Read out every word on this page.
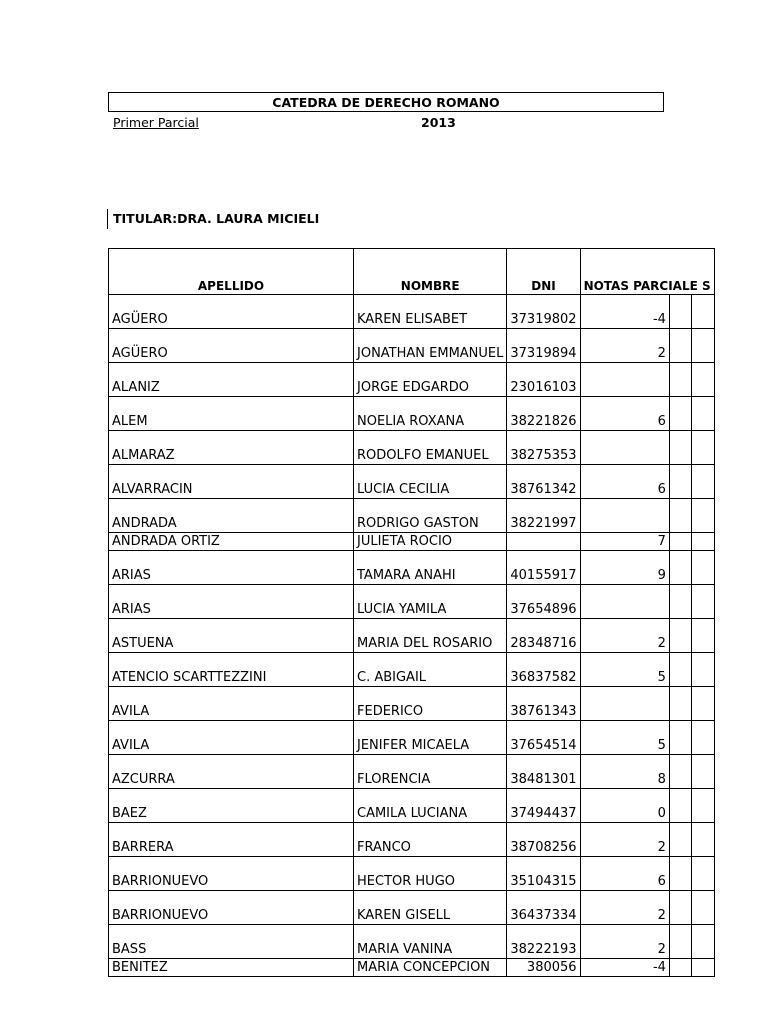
CATEDRA DE DERECHO ROMANO
Primer Parcial	2013
TITULAR:DRA. LAURA MICIELI
APELLIDO	NOMBRE	DNI	NOTAS PARCIALE S		
AGÜERO	KAREN ELISABET	37319802	-4		
AGÜERO	JONATHAN EMMANUEL	37319894	2		
ALANIZ	JORGE EDGARDO	23016103			
ALEM	NOELIA ROXANA	38221826	6		
ALMARAZ	RODOLFO EMANUEL	38275353			
ALVARRACIN	LUCIA CECILIA	38761342	6		
ANDRADA	RODRIGO GASTON	38221997			
ANDRADA ORTIZ	JULIETA ROCIO		7		
ARIAS	TAMARA ANAHI	40155917	9		
ARIAS	LUCIA YAMILA	37654896			
ASTUENA	MARIA DEL ROSARIO	28348716	2		
ATENCIO SCARTTEZZINI	C. ABIGAIL	36837582	5		
AVILA	FEDERICO	38761343			
AVILA	JENIFER MICAELA	37654514	5		
AZCURRA	FLORENCIA	38481301	8		
BAEZ	CAMILA LUCIANA	37494437	0		
BARRERA	FRANCO	38708256	2		
BARRIONUEVO	HECTOR HUGO	35104315	6		
BARRIONUEVO	KAREN GISELL	36437334	2		
BASS	MARIA VANINA	38222193	2		
BENITEZ	MARIA CONCEPCION	380056	-4		
